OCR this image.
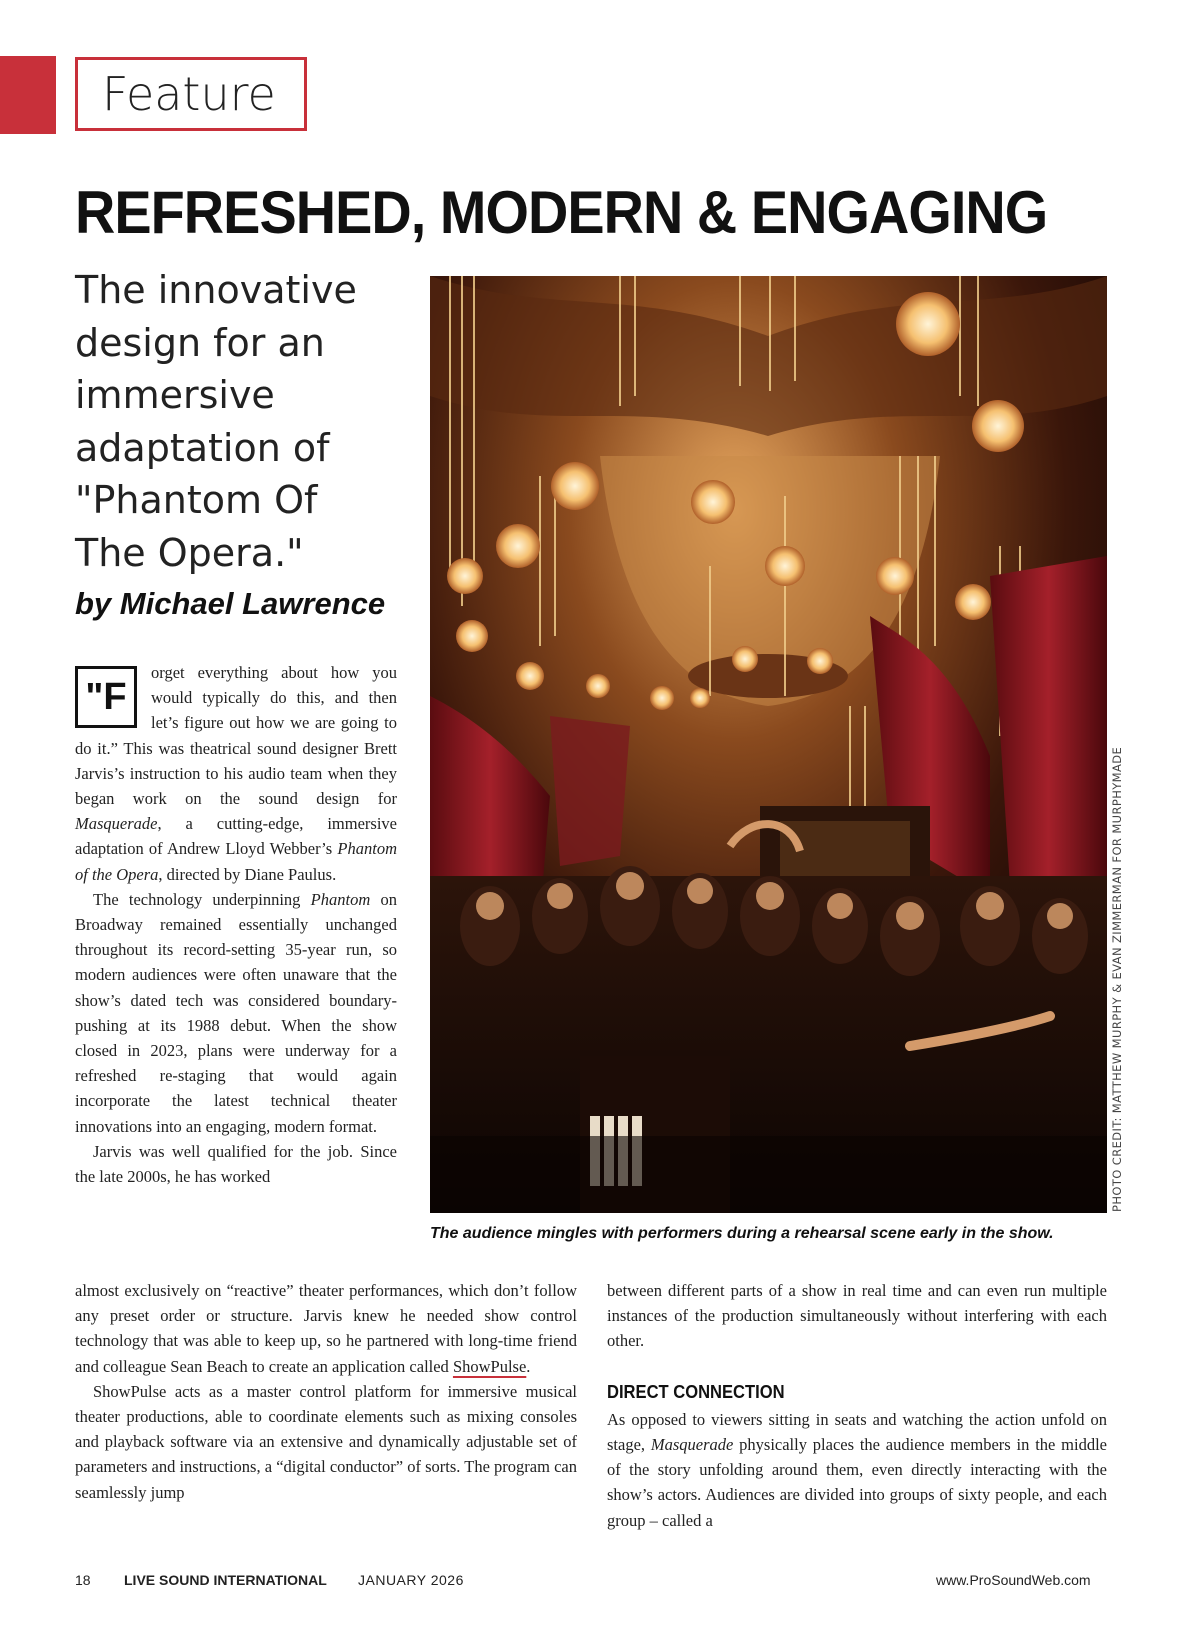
Feature
REFRESHED, MODERN & ENGAGING
The innovative design for an immersive adaptation of "Phantom Of The Opera."
by Michael Lawrence
"F

orget everything about how you would typically do this, and then let’s figure out how we are going to do it.” This was theatrical sound designer Brett Jarvis’s instruction to his audio team when they began work on the sound design for Masquerade, a cutting-edge, immersive adaptation of Andrew Lloyd Webber’s Phantom of the Opera, directed by Diane Paulus.

The technology underpinning Phantom on Broadway remained essentially unchanged throughout its record-setting 35-year run, so modern audiences were often unaware that the show’s dated tech was considered boundary-pushing at its 1988 debut. When the show closed in 2023, plans were underway for a refreshed re-staging that would again incorporate the latest technical theater innovations into an engaging, modern format.

Jarvis was well qualified for the job. Since the late 2000s, he has worked	PHOTO CREDIT: MATTHEW MURPHY & EVAN ZIMMERMAN FOR MURPHYMADE
The audience mingles with performers during a rehearsal scene early in the show.

almost exclusively on “reactive” theater performances, which don’t follow any preset order or structure. Jarvis knew he needed show control technology that was able to keep up, so he partnered with long-time friend and colleague Sean Beach to create an application called ShowPulse.

ShowPulse acts as a master control platform for immersive musical theater productions, able to coordinate elements such as mixing consoles and playback software via an extensive and dynamically adjustable set of parameters and instructions, a “digital conductor” of sorts. The program can seamlessly jump

between different parts of a show in real time and can even run multiple instances of the production simultaneously without interfering with each other.

DIRECT CONNECTION

As opposed to viewers sitting in seats and watching the action unfold on stage, Masquerade physically places the audience members in the middle of the story unfolding around them, even directly interacting with the show’s actors. Audiences are divided into groups of sixty people, and each group – called a

18 LIVE SOUND INTERNATIONAL JANUARY 2026	www.ProSoundWeb.com
